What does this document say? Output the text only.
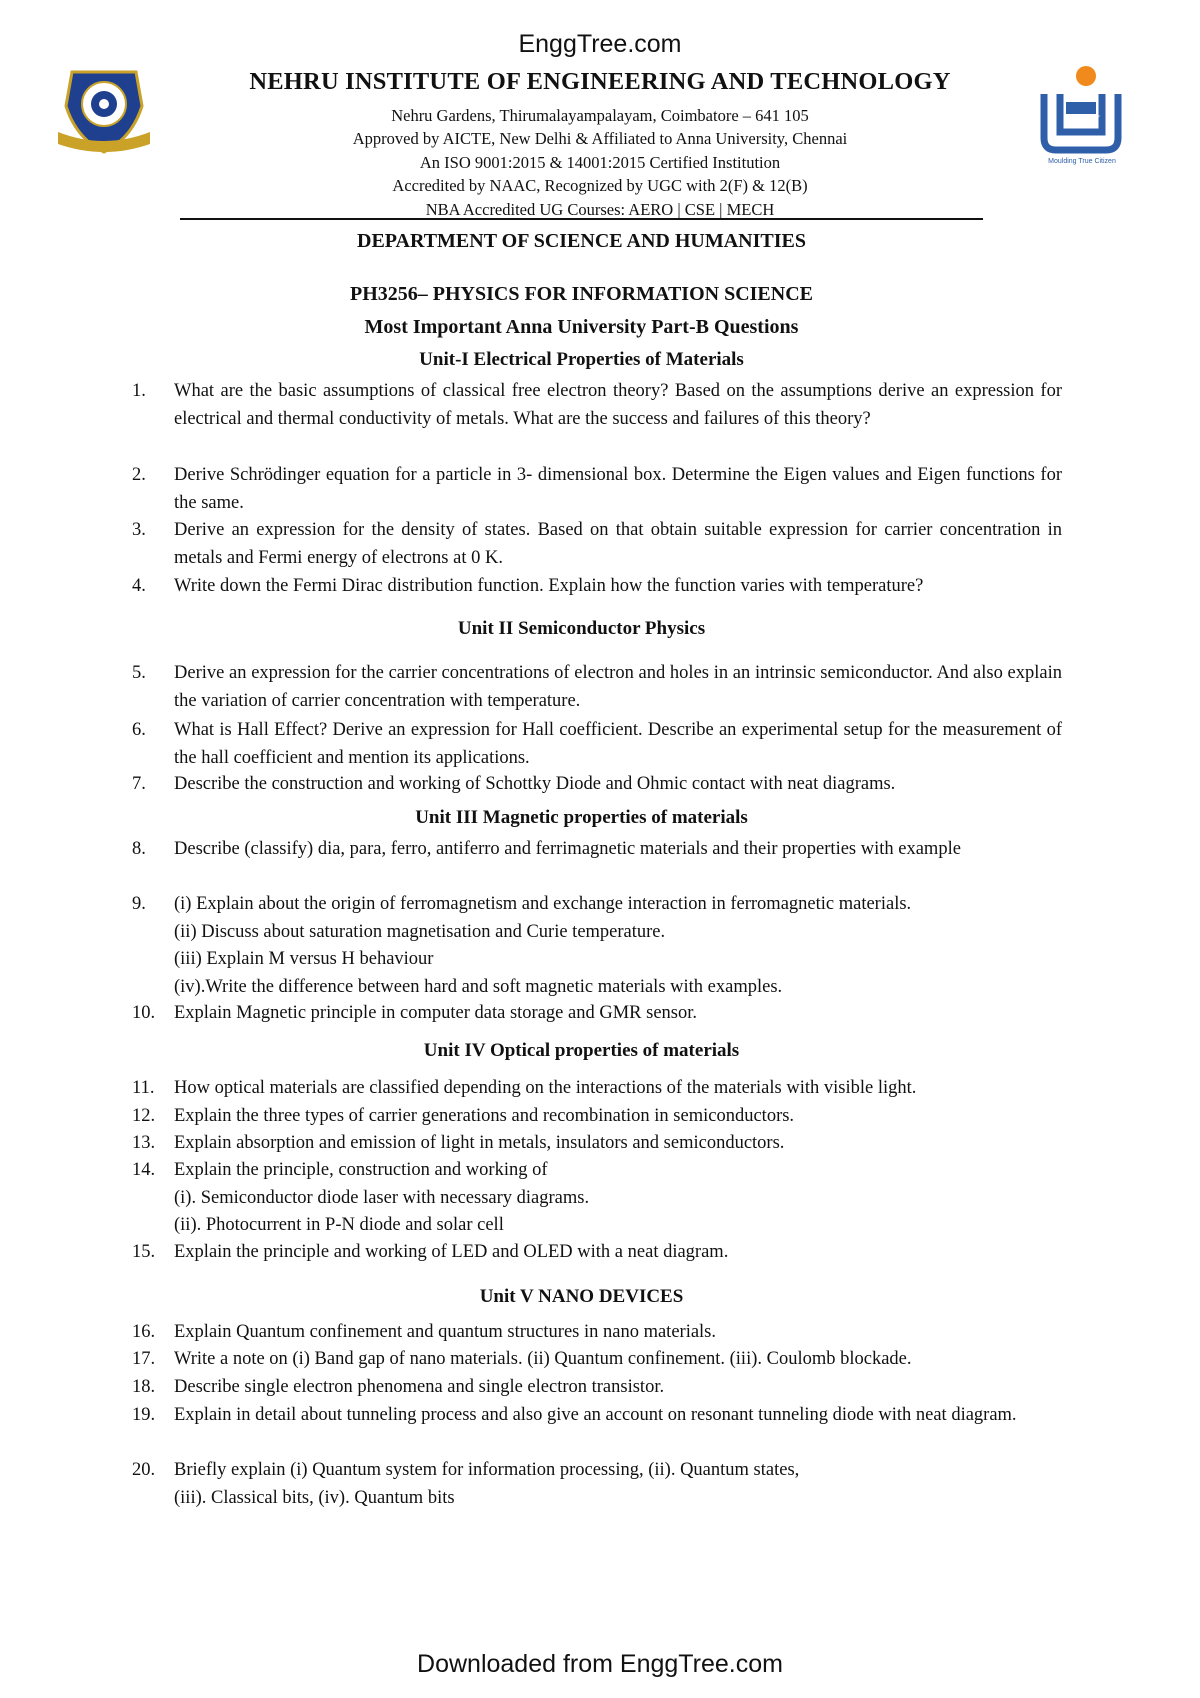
EnggTree.com
NEHRU GROUP OF INSTITUTIONS
Moulding True Citizen
NEHRU INSTITUTE OF ENGINEERING AND TECHNOLOGY
Nehru Gardens, Thirumalayampalayam, Coimbatore – 641 105
Approved by AICTE, New Delhi & Affiliated to Anna University, Chennai
An ISO 9001:2015 & 14001:2015 Certified Institution
Accredited by NAAC, Recognized by UGC with 2(F) & 12(B)
NBA Accredited UG Courses: AERO | CSE | MECH
DEPARTMENT OF SCIENCE AND HUMANITIES
PH3256– PHYSICS FOR INFORMATION SCIENCE
Most Important Anna University Part-B Questions
Unit-I Electrical Properties of Materials
1.	What are the basic assumptions of classical free electron theory? Based on the assumptions derive an expression for electrical and thermal conductivity of metals. What are the success and failures of this theory?
2.	Derive Schrödinger equation for a particle in 3- dimensional box. Determine the Eigen values and Eigen functions for the same.
3.	Derive an expression for the density of states. Based on that obtain suitable expression for carrier concentration in metals and Fermi energy of electrons at 0 K.
4.	Write down the Fermi Dirac distribution function. Explain how the function varies with temperature?
Unit II Semiconductor Physics
5.	Derive an expression for the carrier concentrations of electron and holes in an intrinsic semiconductor. And also explain the variation of carrier concentration with temperature.
6.	What is Hall Effect? Derive an expression for Hall coefficient. Describe an experimental setup for the measurement of the hall coefficient and mention its applications.
7.	Describe the construction and working of Schottky Diode and Ohmic contact with neat diagrams.
Unit III Magnetic properties of materials
8.	Describe (classify) dia, para, ferro, antiferro and ferrimagnetic materials and their properties with example
9.	(i) Explain about the origin of ferromagnetism and exchange interaction in ferromagnetic materials.
(ii) Discuss about saturation magnetisation and Curie temperature.
(iii) Explain M versus H behaviour
(iv).Write the difference between hard and soft magnetic materials with examples.
10.	Explain Magnetic principle in computer data storage and GMR sensor.
Unit IV Optical properties of materials
11.	How optical materials are classified depending on the interactions of the materials with visible light.
12.	Explain the three types of carrier generations and recombination in semiconductors.
13.	Explain absorption and emission of light in metals, insulators and semiconductors.
14.	Explain the principle, construction and working of
(i). Semiconductor diode laser with necessary diagrams.
(ii). Photocurrent in P-N diode and solar cell
15.	Explain the principle and working of LED and OLED with a neat diagram.
Unit V NANO DEVICES
16.	Explain Quantum confinement and quantum structures in nano materials.
17.	Write a note on (i) Band gap of nano materials. (ii) Quantum confinement. (iii). Coulomb blockade.
18.	Describe single electron phenomena and single electron transistor.
19.	Explain in detail about tunneling process and also give an account on resonant tunneling diode with neat diagram.
20.	Briefly explain (i) Quantum system for information processing, (ii). Quantum states,
(iii). Classical bits, (iv). Quantum bits
Downloaded from EnggTree.com
